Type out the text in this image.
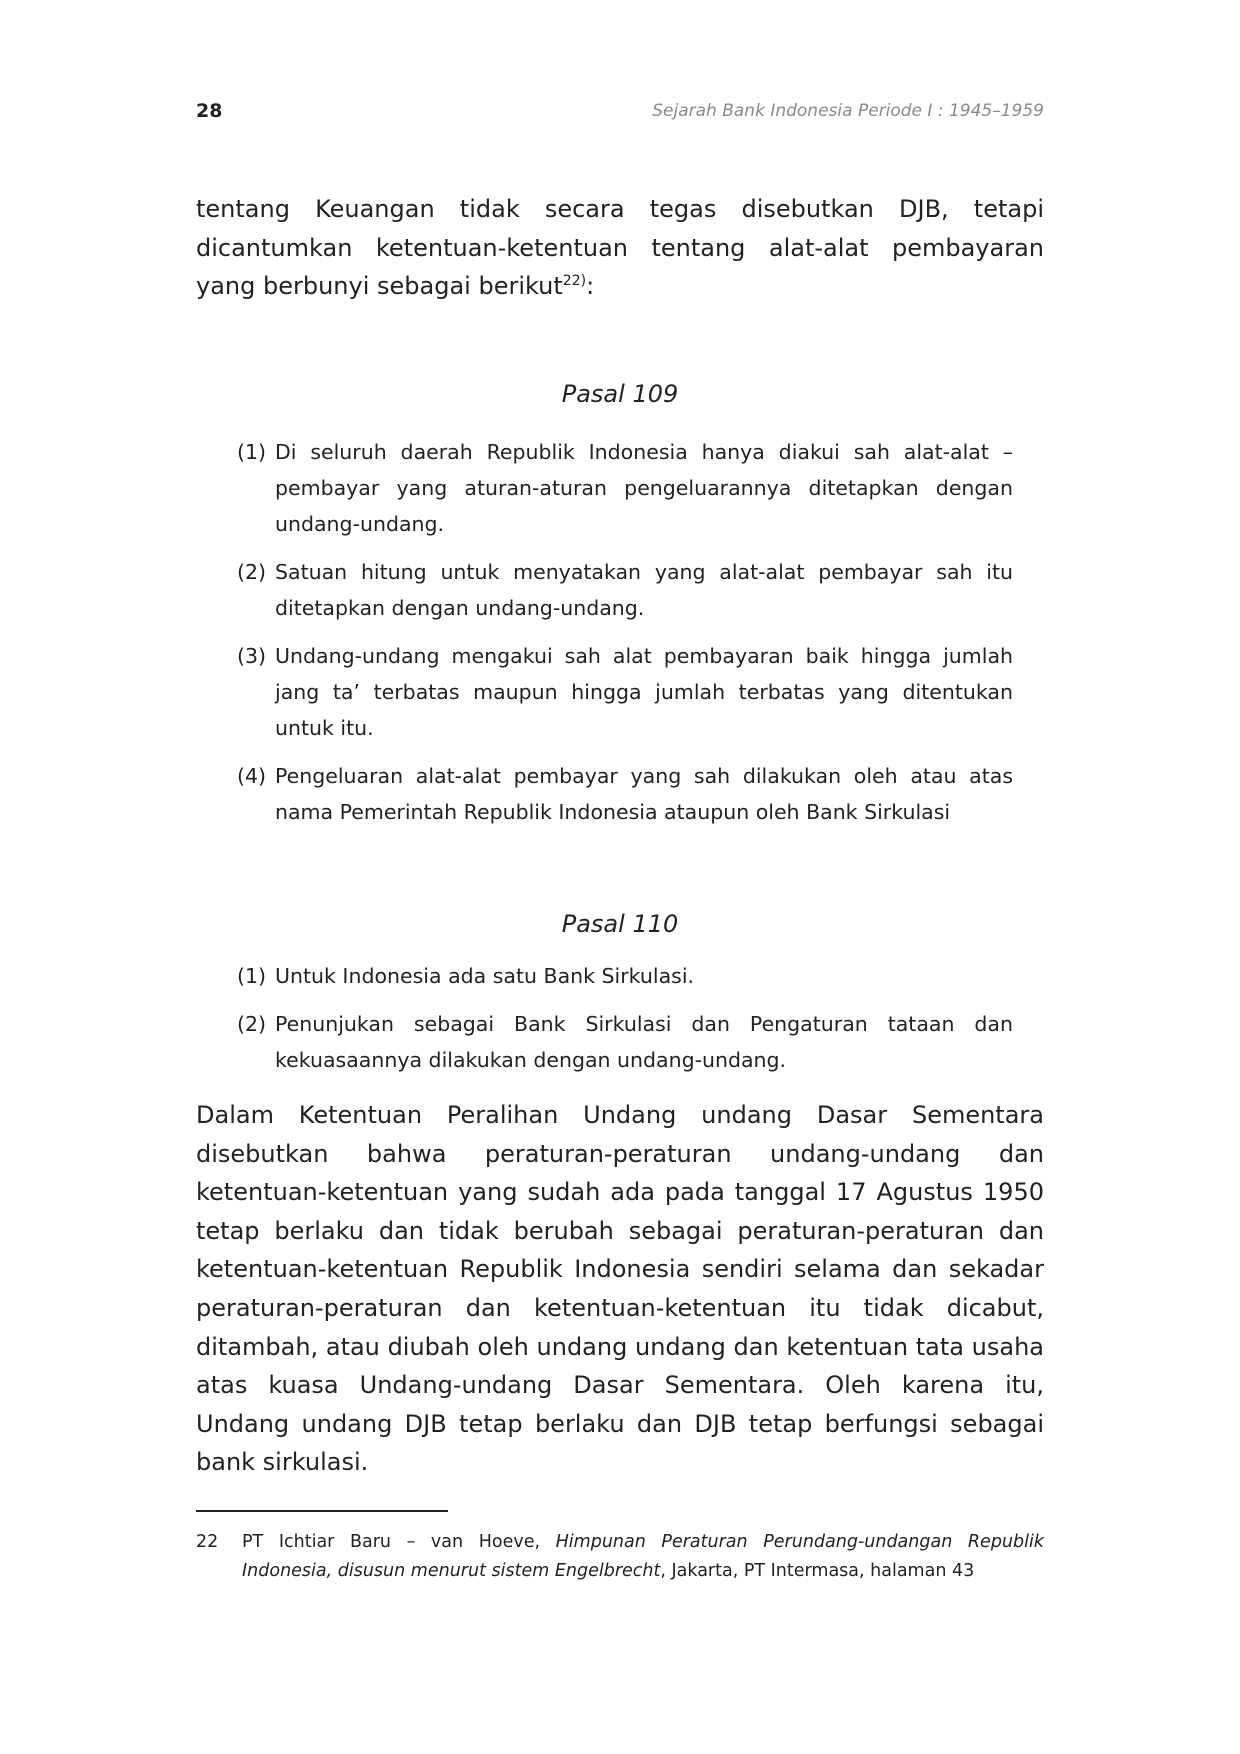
28	Sejarah Bank Indonesia Periode I : 1945–1959

tentang Keuangan tidak secara tegas disebutkan DJB, tetapi dicantumkan ketentuan-ketentuan tentang alat-alat pembayaran yang berbunyi sebagai berikut$^{22)}$:

Pasal 109
(1) Di seluruh daerah Republik Indonesia hanya diakui sah alat-alat – pembayar yang aturan-aturan pengeluarannya ditetapkan dengan undang-undang.
(2) Satuan hitung untuk menyatakan yang alat-alat pembayar sah itu ditetapkan dengan undang-undang.
(3) Undang-undang mengakui sah alat pembayaran baik hingga jumlah jang ta’ terbatas maupun hingga jumlah terbatas yang ditentukan untuk itu.
(4) Pengeluaran alat-alat pembayar yang sah dilakukan oleh atau atas nama Pemerintah Republik Indonesia ataupun oleh Bank Sirkulasi
Pasal 110
(1) Untuk Indonesia ada satu Bank Sirkulasi.
(2) Penunjukan sebagai Bank Sirkulasi dan Pengaturan tataan dan kekuasaannya dilakukan dengan undang-undang.

Dalam Ketentuan Peralihan Undang undang Dasar Sementara disebutkan bahwa peraturan-peraturan undang-undang dan ketentuan-ketentuan yang sudah ada pada tanggal 17 Agustus 1950 tetap berlaku dan tidak berubah sebagai peraturan-peraturan dan ketentuan-ketentuan Republik Indonesia sendiri selama dan sekadar peraturan-peraturan dan ketentuan-ketentuan itu tidak dicabut, ditambah, atau diubah oleh undang undang dan ketentuan tata usaha atas kuasa Undang-undang Dasar Sementara. Oleh karena itu, Undang undang DJB tetap berlaku dan DJB tetap berfungsi sebagai bank sirkulasi.

22 PT Ichtiar Baru – van Hoeve, Himpunan Peraturan Perundang-undangan Republik Indonesia, disusun menurut sistem Engelbrecht, Jakarta, PT Intermasa, halaman 43
